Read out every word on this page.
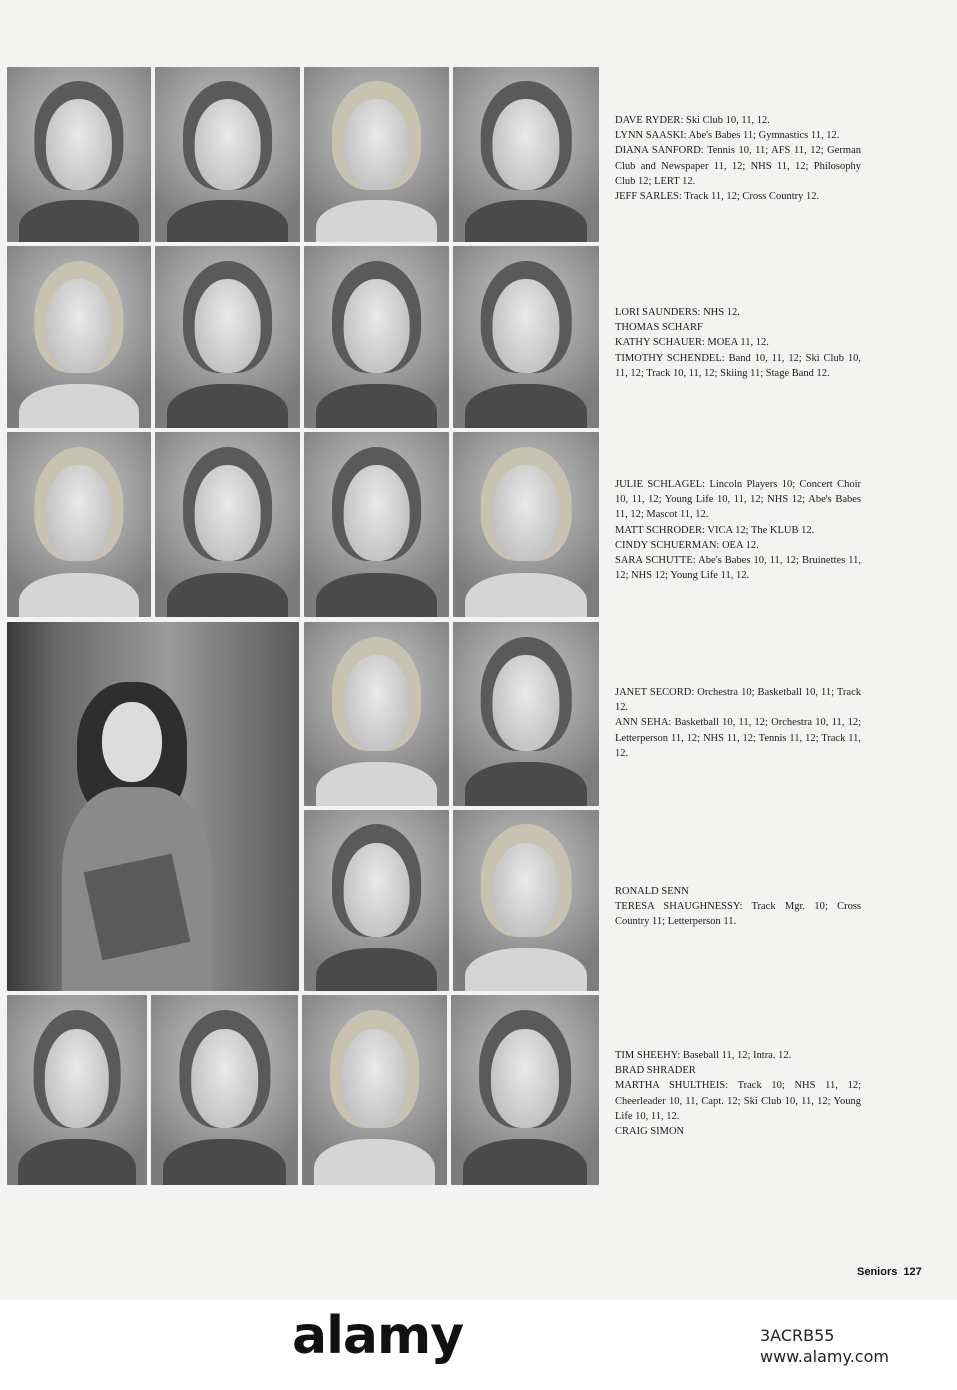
DAVE RYDER: Ski Club 10, 11, 12.

LYNN SAASKI: Abe's Babes 11; Gymnastics 11, 12.

DIANA SANFORD: Tennis 10, 11; AFS 11, 12; German Club and Newspaper 11, 12; NHS 11, 12; Philosophy Club 12; LERT 12.

JEFF SARLES: Track 11, 12; Cross Country 12.

LORI SAUNDERS: NHS 12.

THOMAS SCHARF

KATHY SCHAUER: MOEA 11, 12.

TIMOTHY SCHENDEL: Band 10, 11, 12; Ski Club 10, 11, 12; Track 10, 11, 12; Skiing 11; Stage Band 12.

JULIE SCHLAGEL: Lincoln Players 10; Concert Choir 10, 11, 12; Young Life 10, 11, 12; NHS 12; Abe's Babes 11, 12; Mascot 11, 12.

MATT SCHRODER: VICA 12; The KLUB 12.

CINDY SCHUERMAN: OEA 12.

SARA SCHUTTE: Abe's Babes 10, 11, 12; Bruinettes 11, 12; NHS 12; Young Life 11, 12.

JANET SECORD: Orchestra 10; Basketball 10, 11; Track 12.

ANN SEHA: Basketball 10, 11, 12; Orchestra 10, 11, 12; Letterperson 11, 12; NHS 11, 12; Tennis 11, 12; Track 11, 12.

RONALD SENN

TERESA SHAUGHNESSY: Track Mgr. 10; Cross Country 11; Letterperson 11.

TIM SHEEHY: Baseball 11, 12; Intra. 12.

BRAD SHRADER

MARTHA SHULTHEIS: Track 10; NHS 11, 12; Cheerleader 10, 11, Capt. 12; Ski Club 10, 11, 12; Young Life 10, 11, 12.

CRAIG SIMON

Seniors 127
alamy	3ACRB55
www.alamy.com
